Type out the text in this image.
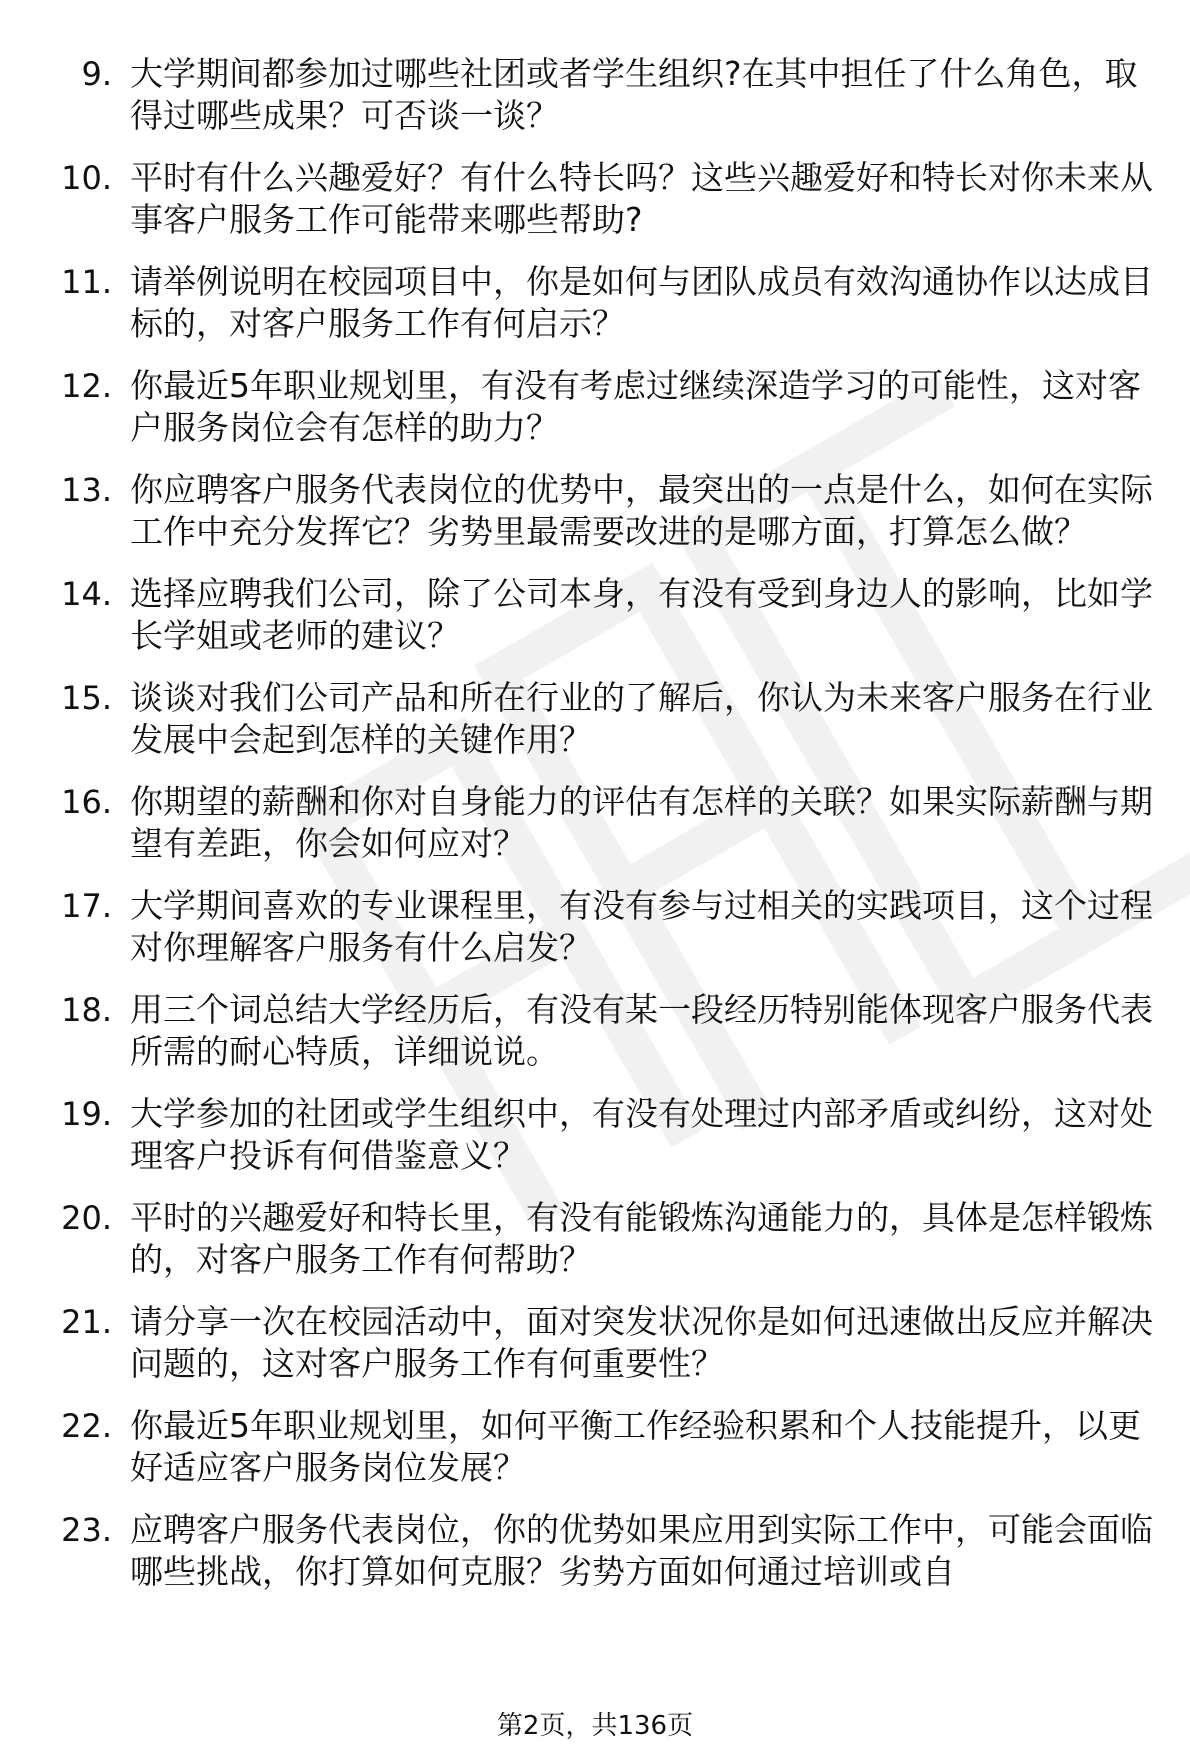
9. 大学期间都参加过哪些社团或者学生组织?在其中担任了什么角色，取得过哪些成果？可否谈一谈？
10. 平时有什么兴趣爱好？有什么特长吗？这些兴趣爱好和特长对你未来从事客户服务工作可能带来哪些帮助?
11. 请举例说明在校园项目中，你是如何与团队成员有效沟通协作以达成目标的，对客户服务工作有何启示？
12. 你最近5年职业规划里，有没有考虑过继续深造学习的可能性，这对客户服务岗位会有怎样的助力？
13. 你应聘客户服务代表岗位的优势中，最突出的一点是什么，如何在实际工作中充分发挥它？劣势里最需要改进的是哪方面，打算怎么做？
14. 选择应聘我们公司，除了公司本身，有没有受到身边人的影响，比如学长学姐或老师的建议？
15. 谈谈对我们公司产品和所在行业的了解后，你认为未来客户服务在行业发展中会起到怎样的关键作用？
16. 你期望的薪酬和你对自身能力的评估有怎样的关联？如果实际薪酬与期望有差距，你会如何应对？
17. 大学期间喜欢的专业课程里，有没有参与过相关的实践项目，这个过程对你理解客户服务有什么启发？
18. 用三个词总结大学经历后，有没有某一段经历特别能体现客户服务代表所需的耐心特质，详细说说。
19. 大学参加的社团或学生组织中，有没有处理过内部矛盾或纠纷，这对处理客户投诉有何借鉴意义？
20. 平时的兴趣爱好和特长里，有没有能锻炼沟通能力的，具体是怎样锻炼的，对客户服务工作有何帮助？
21. 请分享一次在校园活动中，面对突发状况你是如何迅速做出反应并解决问题的，这对客户服务工作有何重要性？
22. 你最近5年职业规划里，如何平衡工作经验积累和个人技能提升，以更好适应客户服务岗位发展？
23. 应聘客户服务代表岗位，你的优势如果应用到实际工作中，可能会面临哪些挑战，你打算如何克服？劣势方面如何通过培训或自
第2页，共136页
